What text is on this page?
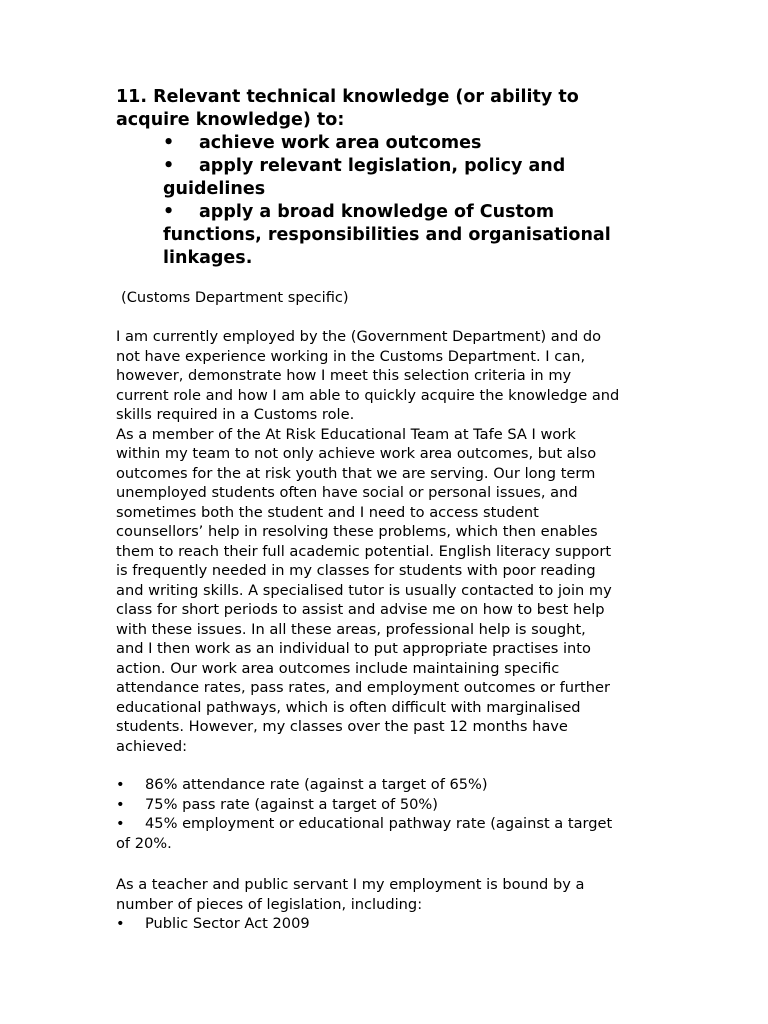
11. Relevant technical knowledge (or ability to
acquire knowledge) to:
• achieve work area outcomes
• apply relevant legislation, policy and
guidelines
• apply a broad knowledge of Custom
functions, responsibilities and organisational
linkages.
(Customs Department specific)
I am currently employed by the (Government Department) and do
not have experience working in the Customs Department. I can,
however, demonstrate how I meet this selection criteria in my
current role and how I am able to quickly acquire the knowledge and
skills required in a Customs role.
As a member of the At Risk Educational Team at Tafe SA I work
within my team to not only achieve work area outcomes, but also
outcomes for the at risk youth that we are serving. Our long term
unemployed students often have social or personal issues, and
sometimes both the student and I need to access student
counsellors’ help in resolving these problems, which then enables
them to reach their full academic potential. English literacy support
is frequently needed in my classes for students with poor reading
and writing skills. A specialised tutor is usually contacted to join my
class for short periods to assist and advise me on how to best help
with these issues. In all these areas, professional help is sought,
and I then work as an individual to put appropriate practises into
action. Our work area outcomes include maintaining specific
attendance rates, pass rates, and employment outcomes or further
educational pathways, which is often difficult with marginalised
students. However, my classes over the past 12 months have
achieved:
• 86% attendance rate (against a target of 65%)
• 75% pass rate (against a target of 50%)
• 45% employment or educational pathway rate (against a target
of 20%.
As a teacher and public servant I my employment is bound by a
number of pieces of legislation, including:
• Public Sector Act 2009
